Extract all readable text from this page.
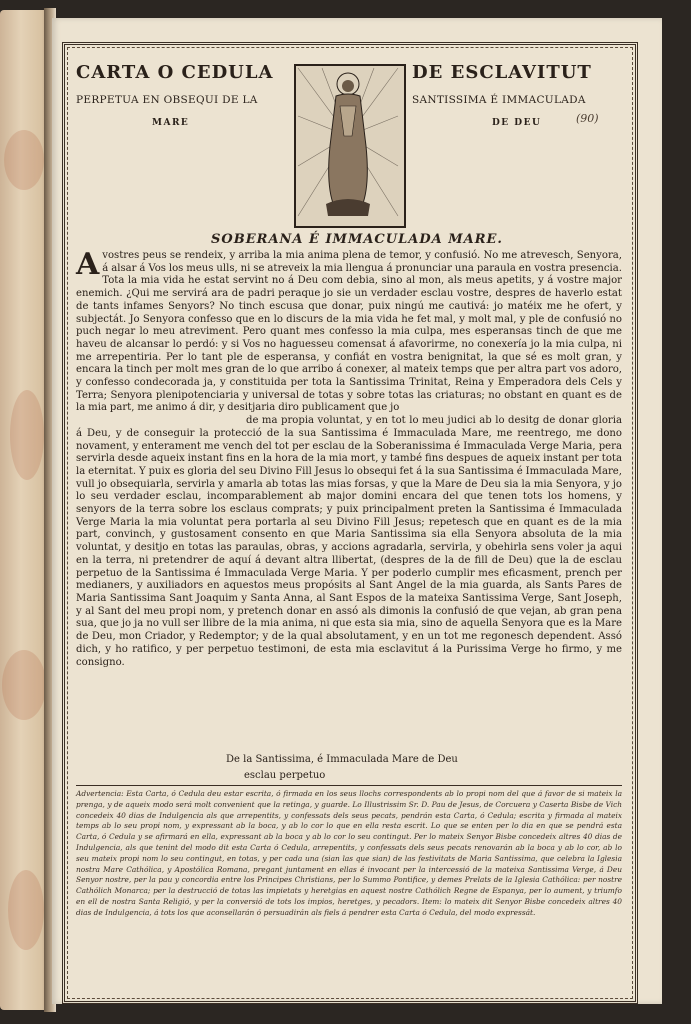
CARTA O CEDULA
PERPETUA EN OBSEQUI DE LA
MARE
DE ESCLAVITUT
SANTISSIMA É IMMACULADA
DE DEU	(90)
SOBERANA É IMMACULADA MARE.
A vostres peus se rendeix, y arriba la mia anima plena de temor, y confusió. No me atrevesch, Senyora, á alsar á Vos los meus ulls, ni se atreveix la mia llengua á pronunciar una paraula en vostra presencia. Tota la mia vida he estat servint no á Deu com debia, sino al mon, als meus apetits, y á vostre major enemich. ¿Qui me servirá ara de padri peraque jo sie un verdader esclau vostre, despres de haverlo estat de tants infames Senyors? No tinch escusa que donar, puix ningú me cautivá: jo matéix me he ofert, y subjectát. Jo Senyora confesso que en lo discurs de la mia vida he fet mal, y molt mal, y ple de confusió no puch negar lo meu atreviment. Pero quant mes confesso la mia culpa, mes esperansas tinch de que me haveu de alcansar lo perdó: y si Vos no haguesseu comensat á afavorirme, no conexería jo la mia culpa, ni me arrepentiria. Per lo tant ple de esperansa, y confiát en vostra benignitat, la que sé es molt gran, y encara la tinch per molt mes gran de lo que arribo á conexer, al mateix temps que per altra part vos adoro, y confesso condecorada ja, y constituida per tota la Santissima Trinitat, Reina y Emperadora dels Cels y Terra; Senyora plenipotenciaria y universal de totas y sobre totas las criaturas; no obstant en quant es de la mia part, me animo á dir, y desitjaria diro publicament que jo
de ma propia voluntat, y en tot lo meu judici ab lo desitg de donar gloria á Deu, y de conseguir la protecció de la sua Santissima é Immaculada Mare, me reentrego, me dono novament, y enterament me vench del tot per esclau de la Soberanissima é Immaculada Verge Maria, pera servirla desde aqueix instant fins en la hora de la mia mort, y també fins despues de aqueix instant per tota la eternitat. Y puix es gloria del seu Divino Fill Jesus lo obsequi fet á la sua Santissima é Immaculada Mare, vull jo obsequiarla, servirla y amarla ab totas las mias forsas, y que la Mare de Deu sia la mia Senyora, y jo lo seu verdader esclau, incomparablement ab major domini encara del que tenen tots los homens, y senyors de la terra sobre los esclaus comprats; y puix principalment preten la Santissima é Immaculada Verge Maria la mia voluntat pera portarla al seu Divino Fill Jesus; repetesch que en quant es de la mia part, convinch, y gustosament consento en que Maria Santissima sia ella Senyora absoluta de la mia voluntat, y desitjo en totas las paraulas, obras, y accions agradarla, servirla, y obehirla sens voler ja aqui en la terra, ni pretendrer de aquí á devant altra llibertat, (despres de la de fill de Deu) que la de esclau perpetuo de la Santissima é Immaculada Verge Maria. Y per poderlo cumplir mes eficasment, prench per medianers, y auxiliadors en aquestos meus propósits al Sant Angel de la mia guarda, als Sants Pares de Maria Santissima Sant Joaquim y Santa Anna, al Sant Espos de la mateixa Santissima Verge, Sant Joseph, y al Sant del meu propi nom, y pretench donar en assó als dimonis la confusió de que vejan, ab gran pena sua, que jo ja no vull ser llibre de la mia anima, ni que esta sia mia, sino de aquella Senyora que es la Mare de Deu, mon Criador, y Redemptor; y de la qual absolutament, y en un tot me regonesch dependent. Assó dich, y ho ratifico, y per perpetuo testimoni, de esta mia esclavitut á la Purissima Verge ho firmo, y me consigno.
De la Santissima, é Immaculada Mare de Deu
esclau perpetuo
Advertencia: Esta Carta, ó Cedula deu estar escrita, ó firmada en los seus llochs correspondents ab lo propi nom del que á favor de si mateix la prenga, y de aqueix modo será molt convenient que la retinga, y guarde. Lo Illustrissim Sr. D. Pau de Jesus, de Corcuera y Caserta Bisbe de Vich concedeix 40 dias de Indulgencia als que arrepentits, y confessats dels seus pecats, pendrán esta Carta, ó Cedula; escrita y firmada al mateix temps ab lo seu propi nom, y expressant ab la boca, y ab lo cor lo que en ella resta escrit. Lo que se enten per lo dia en que se pendrá esta Carta, ó Cedula y se afirmará en ella, expressant ab la boca y ab lo cor lo seu contingut. Per lo mateix Senyor Bisbe concedeix altres 40 dias de Indulgencia, als que tenint del modo dit esta Carta ó Cedula, arrepentits, y confessats dels seus pecats renovarán ab la boca y ab lo cor, ab lo seu mateix propi nom lo seu contingut, en totas, y per cada una (sian las que sian) de las festivitats de Maria Santissima, que celebra la Iglesia nostra Mare Cathólica, y Apostólica Romana, pregant juntament en ellas é invocant per la intercessió de la mateixa Santissima Verge, á Deu Senyor nostre, per la pau y concordia entre los Principes Christians, per lo Summo Pontifice, y demes Prelats de la Iglesia Cathólica: per nostre Cathólich Monarca; per la destrucció de totas las impietats y heretgias en aquest nostre Cathólich Regne de Espanya, per lo aument, y triumfo en ell de nostra Santa Religió, y per la conversió de tots los impios, heretges, y pecadors. Item: lo mateix dit Senyor Bisbe concedeix altres 40 dias de Indulgencia, á tots los que aconsellarán ó persuadirán als fiels á pendrer esta Carta ó Cedula, del modo expressát.
